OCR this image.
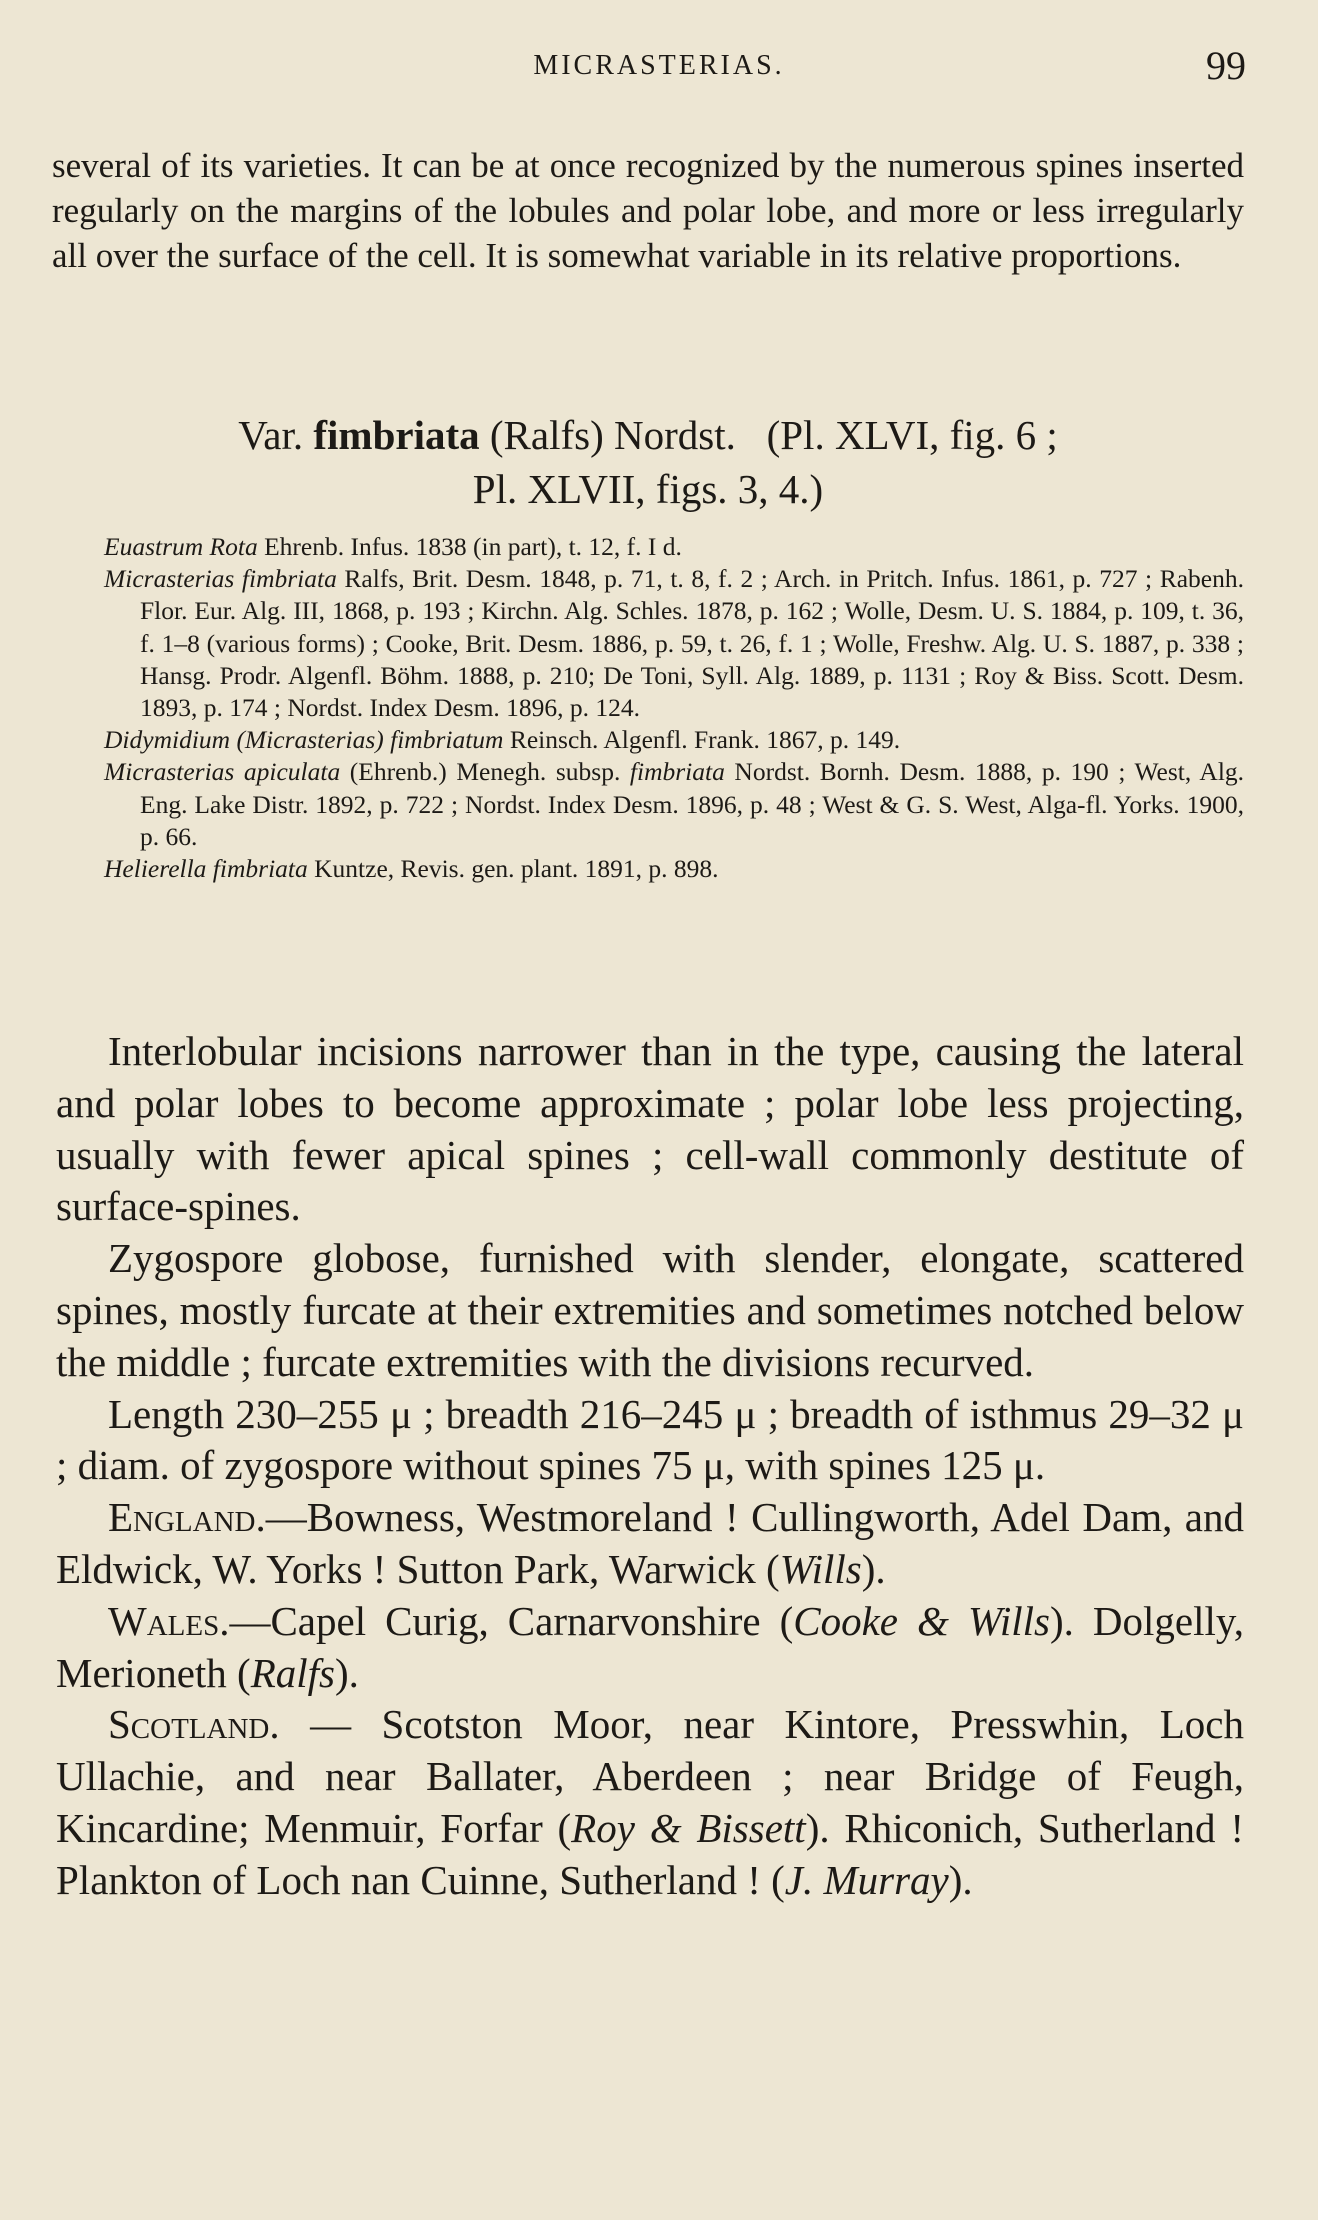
MICRASTERIAS.	99
several of its varieties. It can be at once recognized by the numerous spines inserted regularly on the margins of the lobules and polar lobe, and more or less irregularly all over the surface of the cell. It is somewhat variable in its relative proportions.
Var. fimbriata (Ralfs) Nordst. (Pl. XLVI, fig. 6 ;
Pl. XLVII, figs. 3, 4.)

Euastrum Rota Ehrenb. Infus. 1838 (in part), t. 12, f. I d.

Micrasterias fimbriata Ralfs, Brit. Desm. 1848, p. 71, t. 8, f. 2 ; Arch. in Pritch. Infus. 1861, p. 727 ; Rabenh. Flor. Eur. Alg. III, 1868, p. 193 ; Kirchn. Alg. Schles. 1878, p. 162 ; Wolle, Desm. U. S. 1884, p. 109, t. 36, f. 1–8 (various forms) ; Cooke, Brit. Desm. 1886, p. 59, t. 26, f. 1 ; Wolle, Freshw. Alg. U. S. 1887, p. 338 ; Hansg. Prodr. Algenfl. Böhm. 1888, p. 210; De Toni, Syll. Alg. 1889, p. 1131 ; Roy & Biss. Scott. Desm. 1893, p. 174 ; Nordst. Index Desm. 1896, p. 124.

Didymidium (Micrasterias) fimbriatum Reinsch. Algenfl. Frank. 1867, p. 149.

Micrasterias apiculata (Ehrenb.) Menegh. subsp. fimbriata Nordst. Bornh. Desm. 1888, p. 190 ; West, Alg. Eng. Lake Distr. 1892, p. 722 ; Nordst. Index Desm. 1896, p. 48 ; West & G. S. West, Alga-fl. Yorks. 1900, p. 66.

Helierella fimbriata Kuntze, Revis. gen. plant. 1891, p. 898.

Interlobular incisions narrower than in the type, causing the lateral and polar lobes to become approximate ; polar lobe less projecting, usually with fewer apical spines ; cell-wall commonly destitute of surface-spines.

Zygospore globose, furnished with slender, elongate, scattered spines, mostly furcate at their extremities and sometimes notched below the middle ; furcate extremities with the divisions recurved.

Length 230–255 μ ; breadth 216–245 μ ; breadth of isthmus 29–32 μ ; diam. of zygospore without spines 75 μ, with spines 125 μ.

England.—Bowness, Westmoreland ! Cullingworth, Adel Dam, and Eldwick, W. Yorks ! Sutton Park, Warwick (Wills).

Wales.—Capel Curig, Carnarvonshire (Cooke & Wills). Dolgelly, Merioneth (Ralfs).

Scotland. — Scotston Moor, near Kintore, Presswhin, Loch Ullachie, and near Ballater, Aberdeen ; near Bridge of Feugh, Kincardine; Menmuir, Forfar (Roy & Bissett). Rhiconich, Sutherland ! Plankton of Loch nan Cuinne, Sutherland ! (J. Murray).
